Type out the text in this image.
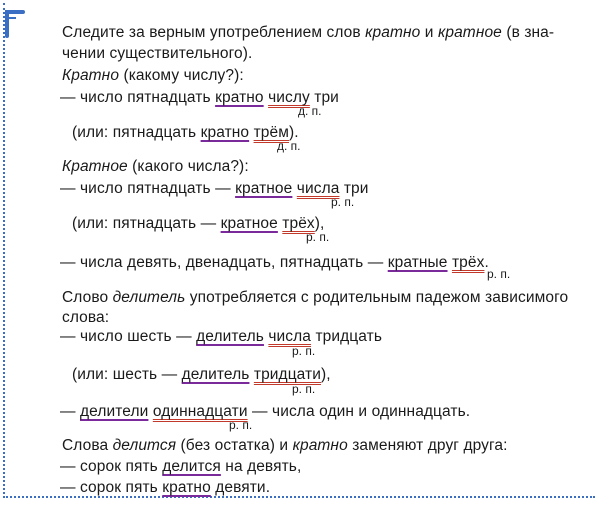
Следите за верным употреблением слов кратно и кратное (в зна-
чении существительного).
Кратно (какому числу?):
— число пятнадцать кратно числу три
д. п.
(или: пятнадцать кратно трём).
д. п.
Кратное (какого числа?):
— число пятнадцать — кратное числа три
р. п.
(или: пятнадцать — кратное трёх),
р. п.
— числа девять, двенадцать, пятнадцать — кратные трёх.
р. п.
Слово делитель употребляется с родительным падежом зависимого
слова:
— число шесть — делитель числа тридцать
р. п.
(или: шесть — делитель тридцати),
р. п.
— делители одиннадцати — числа один и одиннадцать.
р. п.
Слова делится (без остатка) и кратно заменяют друг друга:
— сорок пять делится на девять,
— сорок пять кратно девяти.
